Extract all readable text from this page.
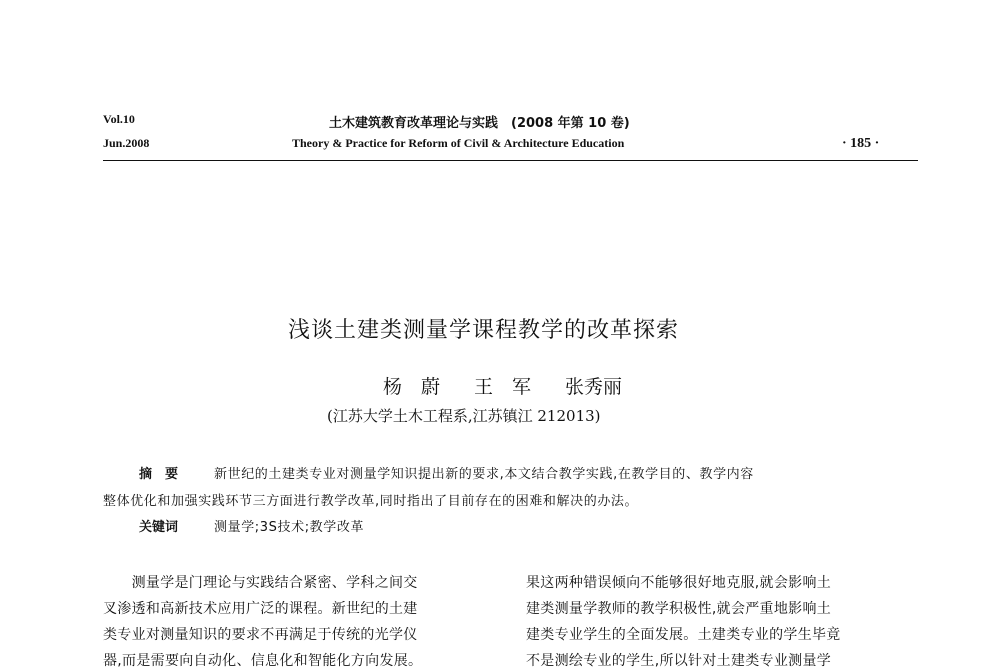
Vol.10
Jun.2008
土木建筑教育改革理论与实践　(2008 年第 10 卷)
Theory & Practice for Reform of Civil & Architecture Education	· 185 ·
浅谈土建类测量学课程教学的改革探索
杨　蔚 王　军 张秀丽
(江苏大学土木工程系,江苏镇江 212013)
摘　要	新世纪的土建类专业对测量学知识提出新的要求,本文结合教学实践,在教学目的、教学内容
整体优化和加强实践环节三方面进行教学改革,同时指出了目前存在的困难和解决的办法。
关键词	测量学;3S技术;教学改革
　　测量学是门理论与实践结合紧密、学科之间交
叉渗透和高新技术应用广泛的课程。新世纪的土建
类专业对测量知识的要求不再满足于传统的光学仪
器,而是需要向自动化、信息化和智能化方向发展。
果这两种错误倾向不能够很好地克服,就会影响土
建类测量学教师的教学积极性,就会严重地影响土
建类专业学生的全面发展。土建类专业的学生毕竟
不是测绘专业的学生,所以针对土建类专业测量学
